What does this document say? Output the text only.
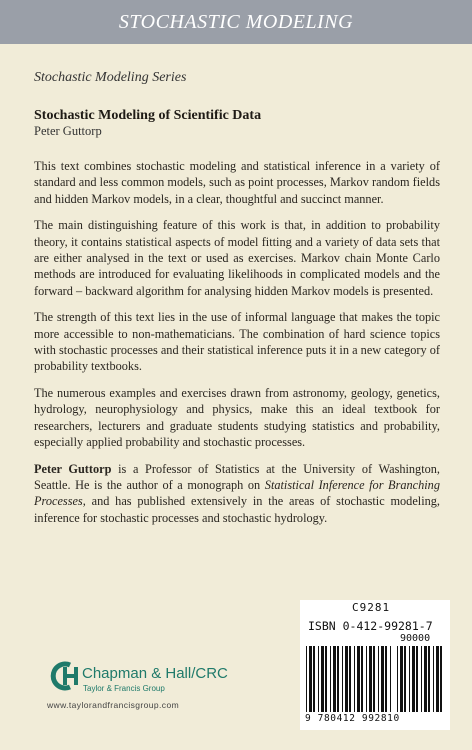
STOCHASTIC MODELING
Stochastic Modeling Series
Stochastic Modeling of Scientific Data
Peter Guttorp

This text combines stochastic modeling and statistical inference in a variety of standard and less common models, such as point processes, Markov random fields and hidden Markov models, in a clear, thoughtful and succinct manner.

The main distinguishing feature of this work is that, in addition to probability theory, it contains statistical aspects of model fitting and a variety of data sets that are either analysed in the text or used as exercises. Markov chain Monte Carlo methods are introduced for evaluating likelihoods in complicated models and the forward – backward algorithm for analysing hidden Markov models is presented.

The strength of this text lies in the use of informal language that makes the topic more accessible to non-mathematicians. The combination of hard science topics with stochastic processes and their statistical inference puts it in a new category of probability textbooks.

The numerous examples and exercises drawn from astronomy, geology, genetics, hydrology, neurophysiology and physics, make this an ideal textbook for researchers, lecturers and graduate students studying statistics and probability, especially applied probability and stochastic processes.

Peter Guttorp is a Professor of Statistics at the University of Washington, Seattle. He is the author of a monograph on Statistical Inference for Branching Processes, and has published extensively in the areas of stochastic modeling, inference for stochastic processes and stochastic hydrology.

C9281
ISBN 0-412-99281-7
90000
9 780412 992810
Chapman & Hall/CRC
Taylor & Francis Group
www.taylorandfrancisgroup.com
